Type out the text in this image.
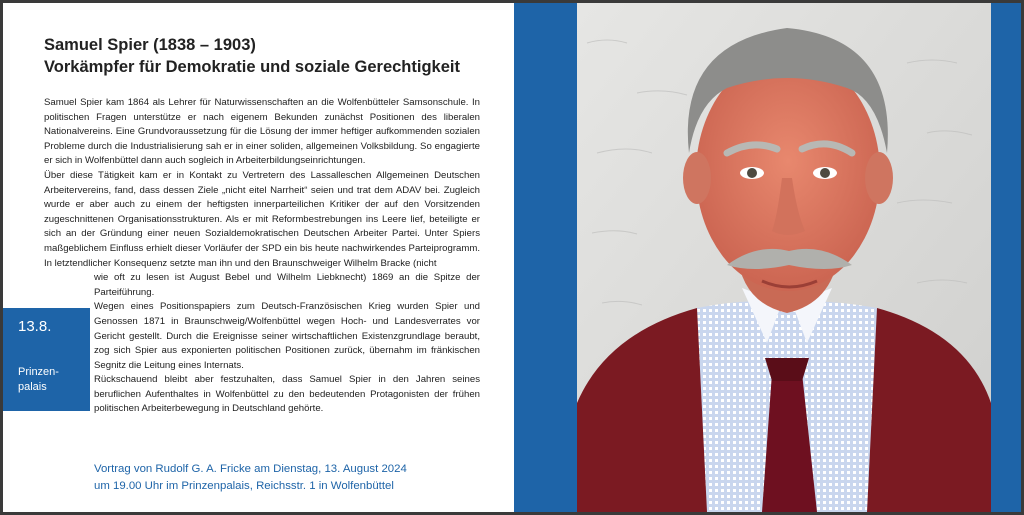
Samuel Spier (1838 – 1903)
Vorkämpfer für Demokratie und soziale Gerechtigkeit

Samuel Spier kam 1864 als Lehrer für Naturwissenschaften an die Wolfenbütteler Samsonschule. In politischen Fragen unterstütze er nach eigenem Bekunden zunächst Positionen des liberalen Nationalvereins. Eine Grundvoraussetzung für die Lösung der immer heftiger aufkommenden sozialen Probleme durch die Industrialisierung sah er in einer soliden, allgemeinen Volksbildung. So engagierte er sich in Wolfenbüttel dann auch sogleich in Arbeiterbildungseinrichtungen.

Über diese Tätigkeit kam er in Kontakt zu Vertretern des Lassalleschen Allgemeinen Deutschen Arbeitervereins, fand, dass dessen Ziele „nicht eitel Narrheit“ seien und trat dem ADAV bei. Zugleich wurde er aber auch zu einem der heftigsten innerparteilichen Kritiker der auf den Vorsitzenden zugeschnittenen Organisationsstrukturen. Als er mit Reformbestrebungen ins Leere lief, beteiligte er sich an der Gründung einer neuen Sozialdemokratischen Deutschen Arbeiter Partei. Unter Spiers maßgeblichem Einfluss erhielt dieser Vorläufer der SPD ein bis heute nachwirkendes Parteiprogramm. In letztendlicher Konsequenz setzte man ihn und den Braunschweiger Wilhelm Bracke (nicht

wie oft zu lesen ist August Bebel und Wilhelm Liebknecht) 1869 an die Spitze der Parteiführung.

Wegen eines Positionspapiers zum Deutsch-Französischen Krieg wurden Spier und Genossen 1871 in Braunschweig/Wolfenbüttel wegen Hoch- und Landesverrates vor Gericht gestellt. Durch die Ereignisse seiner wirtschaftlichen Existenzgrundlage beraubt, zog sich Spier aus exponierten politischen Positionen zurück, übernahm im fränkischen Segnitz die Leitung eines Internats.

Rückschauend bleibt aber festzuhalten, dass Samuel Spier in den Jahren seines beruflichen Aufenthaltes in Wolfenbüttel zu den bedeutenden Protagonisten der frühen politischen Arbeiterbewegung in Deutschland gehörte.

13.8.
Prinzen-
palais
Vortrag von Rudolf G. A. Fricke am Dienstag, 13. August 2024
um 19.00 Uhr im Prinzenpalais, Reichsstr. 1 in Wolfenbüttel
